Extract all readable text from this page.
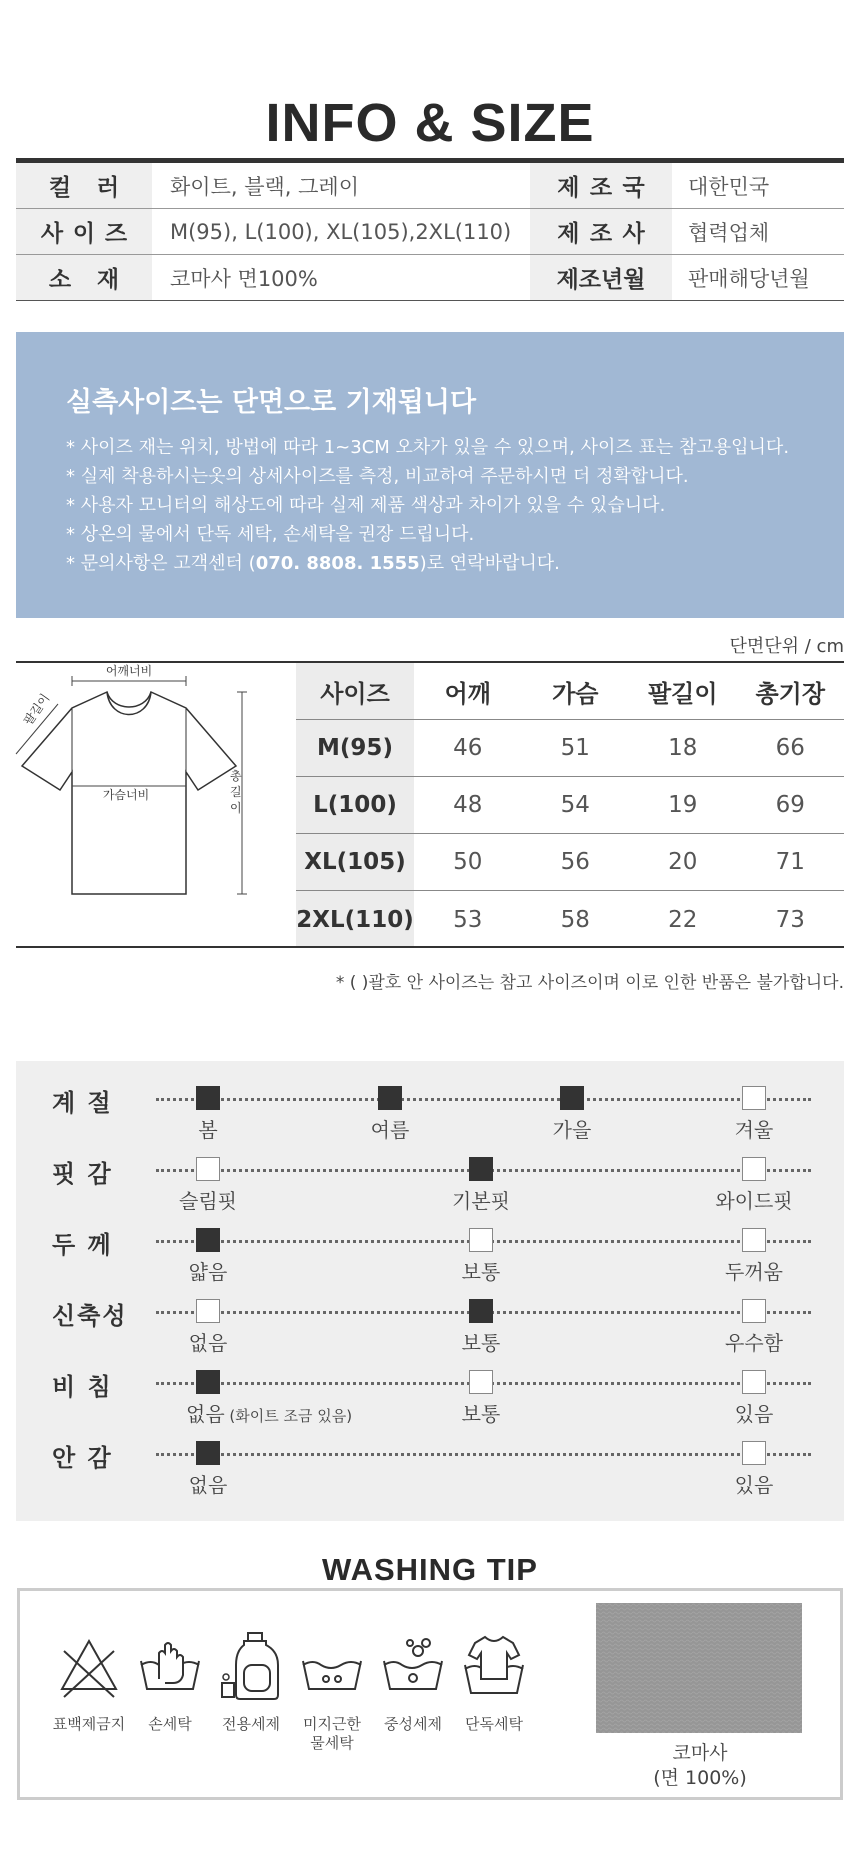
INFO & SIZE
컬 러	화이트, 블랙, 그레이	제 조 국	대한민국
사 이 즈	M(95), L(100), XL(105),2XL(110)	제 조 사	협력업체
소 재	코마사 면100%	제조년월	판매해당년월
실측사이즈는 단면으로 기재됩니다
* 사이즈 재는 위치, 방법에 따라 1~3CM 오차가 있을 수 있으며, 사이즈 표는 참고용입니다.
* 실제 착용하시는옷의 상세사이즈를 측정, 비교하여 주문하시면 더 정확합니다.
* 사용자 모니터의 해상도에 따라 실제 제품 색상과 차이가 있을 수 있습니다.
* 상온의 물에서 단독 세탁, 손세탁을 권장 드립니다.
* 문의사항은 고객센터 (070. 8808. 1555)로 연락바랍니다.
단면단위 / cm
어깨너비
팔길이
가슴너비
총
길
이
사이즈	어깨	가슴	팔길이	총기장
M(95)	46	51	18	66
L(100)	48	54	19	69
XL(105)	50	56	20	71
2XL(110)	53	58	22	73
* ( )괄호 안 사이즈는 참고 사이즈이며 이로 인한 반품은 불가합니다.
계 절
봄	여름	가을	겨울
핏 감
슬림핏	기본핏	와이드핏
두 께
얇음	보통	두꺼움
신축성
없음	보통	우수함
비 침
없음 (화이트 조금 있음)	보통	있음
안 감
없음	있음
WASHING TIP
표백제금지	손세탁	전용세제	미지근한 물세탁
중성세제	단독세탁
코마사
(면 100%)
